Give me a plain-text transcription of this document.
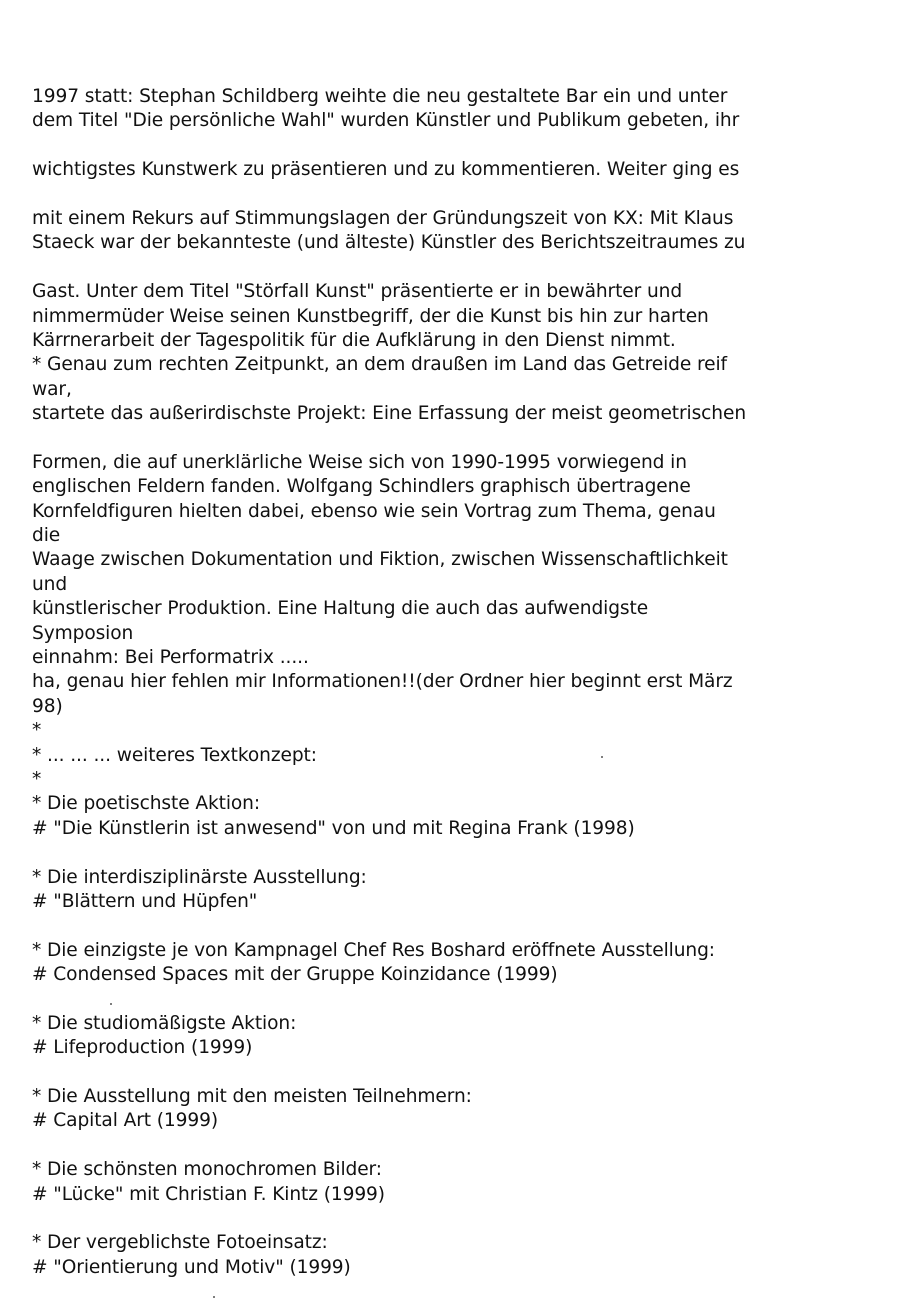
1997 statt: Stephan Schildberg weihte die neu gestaltete Bar ein und unter
dem Titel "Die persönliche Wahl" wurden Künstler und Publikum gebeten, ihr
wichtigstes Kunstwerk zu präsentieren und zu kommentieren. Weiter ging es
mit einem Rekurs auf Stimmungslagen der Gründungszeit von KX: Mit Klaus
Staeck war der bekannteste (und älteste) Künstler des Berichtszeitraumes zu
Gast. Unter dem Titel "Störfall Kunst" präsentierte er in bewährter und
nimmermüder Weise seinen Kunstbegriff, der die Kunst bis hin zur harten
Kärrnerarbeit der Tagespolitik für die Aufklärung in den Dienst nimmt.
* Genau zum rechten Zeitpunkt, an dem draußen im Land das Getreide reif
war,
startete das außerirdischste Projekt: Eine Erfassung der meist geometrischen
Formen, die auf unerklärliche Weise sich von 1990-1995 vorwiegend in
englischen Feldern fanden. Wolfgang Schindlers graphisch übertragene
Kornfeldfiguren hielten dabei, ebenso wie sein Vortrag zum Thema, genau
die
Waage zwischen Dokumentation und Fiktion, zwischen Wissenschaftlichkeit
und
künstlerischer Produktion. Eine Haltung die auch das aufwendigste
Symposion
einnahm: Bei Performatrix .....
ha, genau hier fehlen mir Informationen!!(der Ordner hier beginnt erst März
98)
*
* ... ... ... weiteres Textkonzept:
*
* Die poetischste Aktion:
# "Die Künstlerin ist anwesend" von und mit Regina Frank (1998)
* Die interdisziplinärste Ausstellung:
# "Blättern und Hüpfen"
* Die einzigste je von Kampnagel Chef Res Boshard eröffnete Ausstellung:
# Condensed Spaces mit der Gruppe Koinzidance (1999)
* Die studiomäßigste Aktion:
# Lifeproduction (1999)
* Die Ausstellung mit den meisten Teilnehmern:
# Capital Art (1999)
* Die schönsten monochromen Bilder:
# "Lücke" mit Christian F. Kintz (1999)
* Der vergeblichste Fotoeinsatz:
# "Orientierung und Motiv" (1999)
